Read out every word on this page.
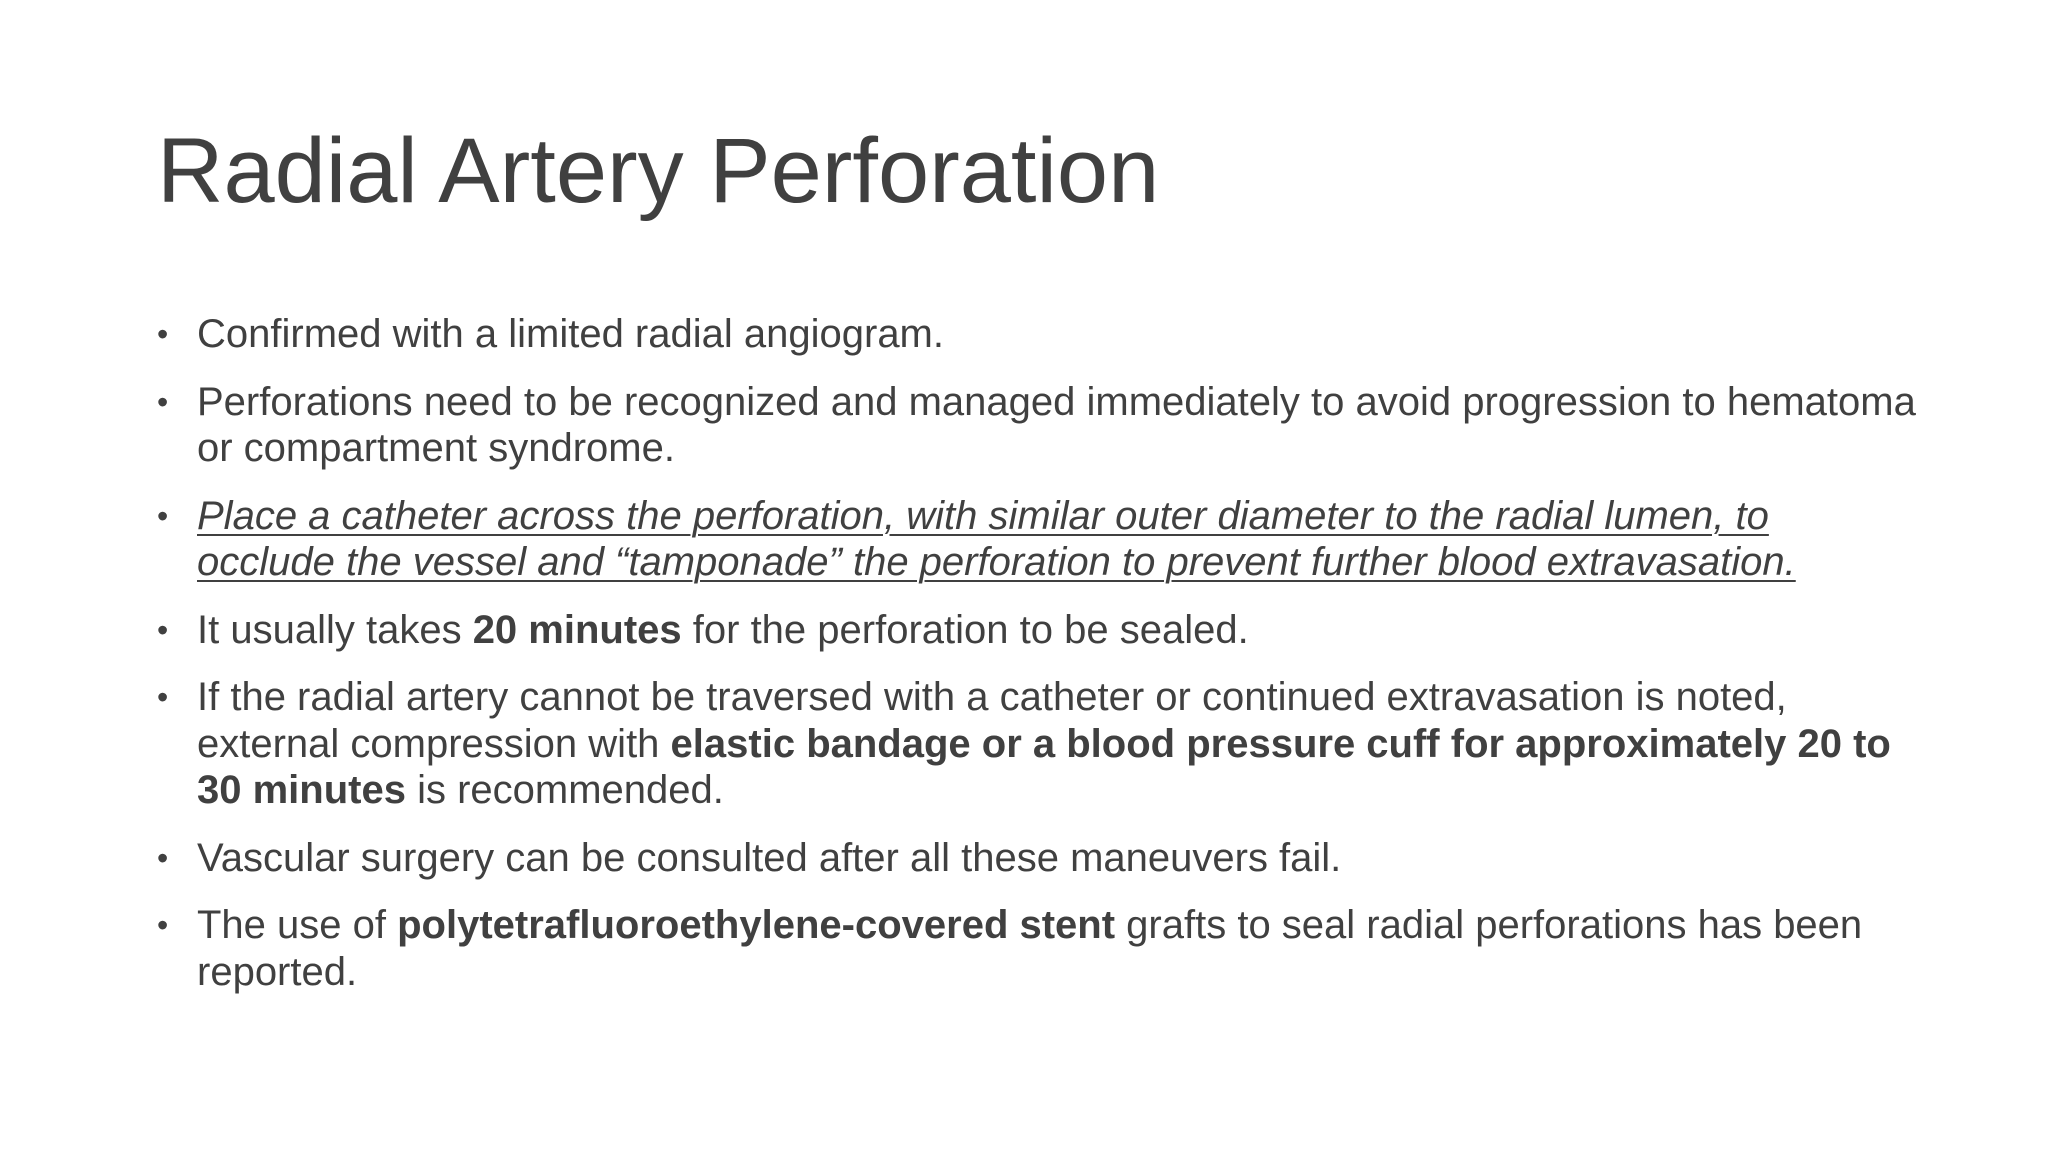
Radial Artery Perforation
• Confirmed with a limited radial angiogram.
• Perforations need to be recognized and managed immediately to avoid progression to hematoma or compartment syndrome.
• Place a catheter across the perforation, with similar outer diameter to the radial lumen, to occlude the vessel and “tamponade” the perforation to prevent further blood extravasation.
• It usually takes 20 minutes for the perforation to be sealed.
• If the radial artery cannot be traversed with a catheter or continued extravasation is noted, external compression with elastic bandage or a blood pressure cuff for approximately 20 to 30 minutes is recommended.
• Vascular surgery can be consulted after all these maneuvers fail.
• The use of polytetrafluoroethylene-covered stent grafts to seal radial perforations has been reported.
